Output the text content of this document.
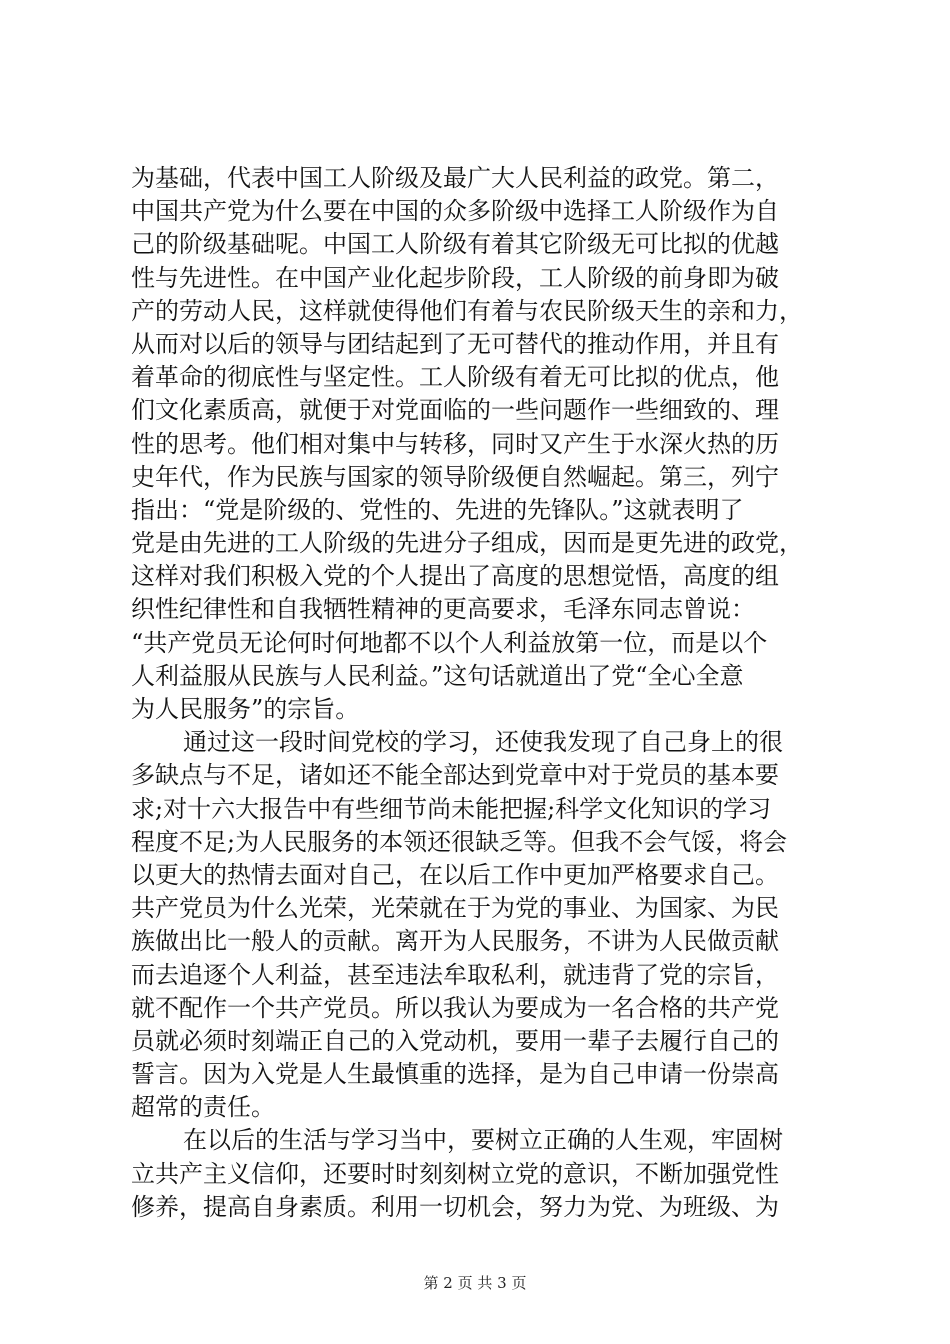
为基础，代表中国工人阶级及最广大人民利益的政党。第二，
中国共产党为什么要在中国的众多阶级中选择工人阶级作为自
己的阶级基础呢。中国工人阶级有着其它阶级无可比拟的优越
性与先进性。在中国产业化起步阶段，工人阶级的前身即为破
产的劳动人民，这样就使得他们有着与农民阶级天生的亲和力，
从而对以后的领导与团结起到了无可替代的推动作用，并且有
着革命的彻底性与坚定性。工人阶级有着无可比拟的优点，他
们文化素质高，就便于对党面临的一些问题作一些细致的、理
性的思考。他们相对集中与转移，同时又产生于水深火热的历
史年代，作为民族与国家的领导阶级便自然崛起。第三，列宁
指出：“党是阶级的、党性的、先进的先锋队。”这就表明了
党是由先进的工人阶级的先进分子组成，因而是更先进的政党，
这样对我们积极入党的个人提出了高度的思想觉悟，高度的组
织性纪律性和自我牺牲精神的更高要求，毛泽东同志曾说：
“共产党员无论何时何地都不以个人利益放第一位，而是以个
人利益服从民族与人民利益。”这句话就道出了党“全心全意
为人民服务”的宗旨。
通过这一段时间党校的学习，还使我发现了自己身上的很
多缺点与不足，诸如还不能全部达到党章中对于党员的基本要
求;对十六大报告中有些细节尚未能把握;科学文化知识的学习
程度不足;为人民服务的本领还很缺乏等。但我不会气馁，将会
以更大的热情去面对自己，在以后工作中更加严格要求自己。
共产党员为什么光荣，光荣就在于为党的事业、为国家、为民
族做出比一般人的贡献。离开为人民服务，不讲为人民做贡献
而去追逐个人利益，甚至违法牟取私利，就违背了党的宗旨，
就不配作一个共产党员。所以我认为要成为一名合格的共产党
员就必须时刻端正自己的入党动机，要用一辈子去履行自己的
誓言。因为入党是人生最慎重的选择，是为自己申请一份崇高
超常的责任。
在以后的生活与学习当中，要树立正确的人生观，牢固树
立共产主义信仰，还要时时刻刻树立党的意识，不断加强党性
修养，提高自身素质。利用一切机会，努力为党、为班级、为
第 2 页 共 3 页
